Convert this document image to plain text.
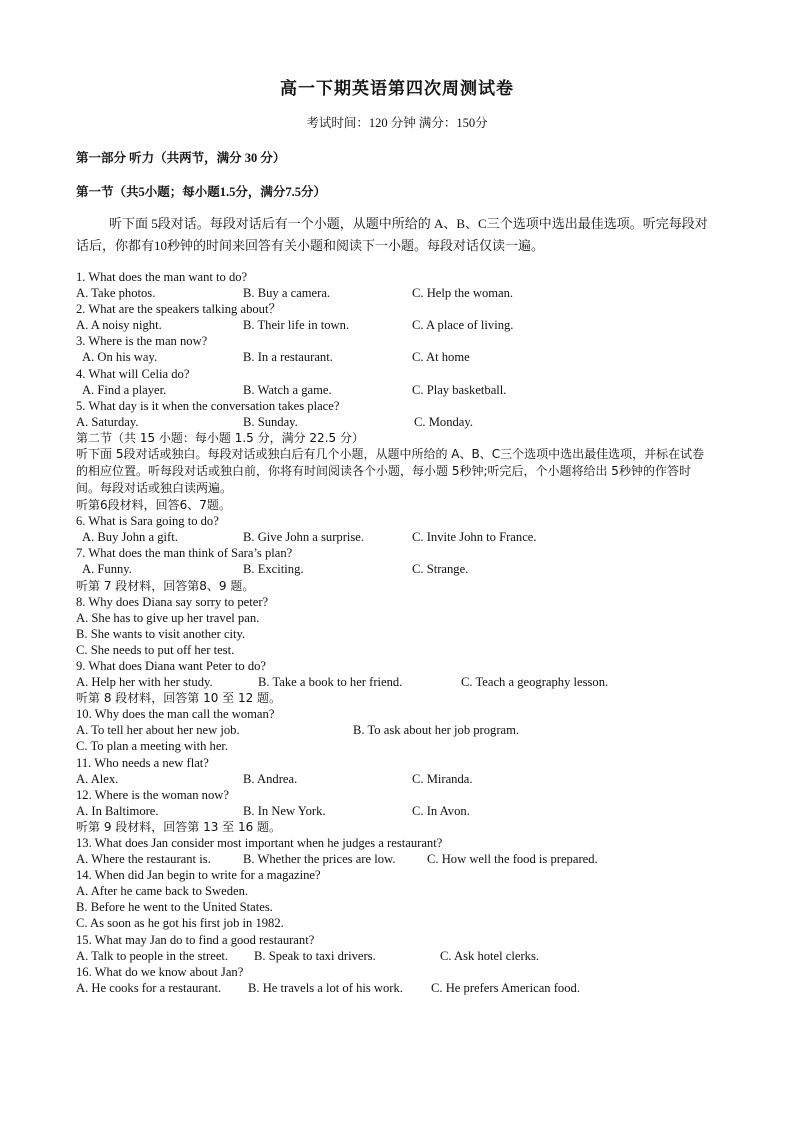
高一下期英语第四次周测试卷
考试时间：120 分钟 满分：150分
第一部分 听力（共两节，满分 30 分）
第一节（共5小题；每小题1.5分，满分7.5分）
听下面 5段对话。每段对话后有一个小题，从题中所给的 A、B、C三个选项中选出最佳选项。听完每段对话后，你都有10秒钟的时间来回答有关小题和阅读下一小题。每段对话仅读一遍。
1. What does the man want to do?
A. Take photos.	B. Buy a camera.	C. Help the woman.
2. What are the speakers talking about？
A. A noisy night.	B. Their life in town.	C. A place of living.
3. Where is the man now?
A. On his way.	B. In a restaurant.	C. At home
4. What will Celia do?
A. Find a player.	B. Watch a game.	C. Play basketball.
5. What day is it when the conversation takes place?
A. Saturday.	B. Sunday.	C. Monday.
第二节（共 15 小题：每小题 1.5 分，满分 22.5 分）
听下面 5段对话或独白。每段对话或独白后有几个小题，从题中所给的 A、B、C三个选项中选出最佳选项，并标在试卷的相应位置。听每段对话或独白前，你将有时间阅读各个小题，每小题 5秒钟;听完后，个小题将给出 5秒钟的作答时间。每段对话或独白读两遍。
听第6段材料，回答6、7题。
6. What is Sara going to do?
A. Buy John a gift.	B. Give John a surprise.	C. Invite John to France.
7. What does the man think of Sara’s plan?
A. Funny.	B. Exciting.	C. Strange.
听第 7 段材料，回答第8、9 题。
8. Why does Diana say sorry to peter?
A. She has to give up her travel pan.
B. She wants to visit another city.
C. She needs to put off her test.
9. What does Diana want Peter to do?
A. Help her with her study.	B. Take a book to her friend.	C. Teach a geography lesson.
听第 8 段材料，回答第 10 至 12 题。
10. Why does the man call the woman?
A. To tell her about her new job.	B. To ask about her job program.
C. To plan a meeting with her.
11. Who needs a new flat?
A. Alex.	B. Andrea.	C. Miranda.
12. Where is the woman now?
A. In Baltimore.	B. In New York.	C. In Avon.
听第 9 段材料，回答第 13 至 16 题。
13. What does Jan consider most important when he judges a restaurant?
A. Where the restaurant is.	B. Whether the prices are low.	C. How well the food is prepared.
14. When did Jan begin to write for a magazine?
A. After he came back to Sweden.
B. Before he went to the United States.
C. As soon as he got his first job in 1982.
15. What may Jan do to find a good restaurant?
A. Talk to people in the street. B. Speak to taxi drivers.	C. Ask hotel clerks.
16. What do we know about Jan?
A. He cooks for a restaurant. B. He travels a lot of his work. C. He prefers American food.
